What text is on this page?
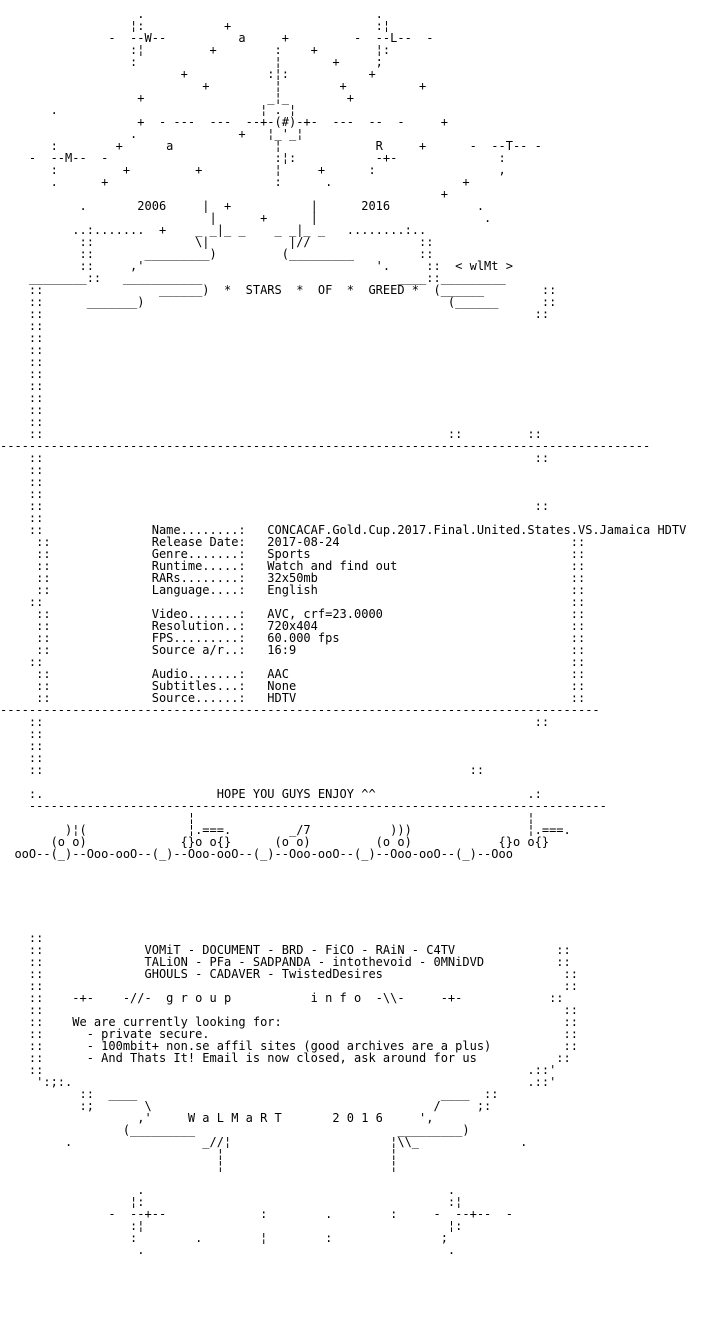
.                                .
¦:           +                    :¦
-  --W--          a     +         -  --L--  -
:¦         +        :    +        ¦:
:                   ¦       +     ;
+           :¦:           +
+         ¦        +          +
+                 _¦_        +
.                            ¦ . ¦
+  - ---  ---  --+-(#)-+-  ---  --  -     +
.              +   ¦_'_¦
:        +      a              ¦             R     +      -  --T-- -
-  --M--  -                       :¦:           -+-              :
:         +         +          ¦     +      :                 ,
.      +                       :      .                  +
+
.       2006     |  +           |      2016            .
|      +      |                       .
..:.......  +    _ _|_ _    _ _|_ _   ........:..
::              \|           |//               ::
::       _________)         (_________         ::
::     ,'                                '.     ::  < wlMt >
________::   ___________                           ____::_________
::                ______)  *  STARS  *  OF  *  GREED *  (______        ::
::      _______)                                          (______      ::
::                                                                    ::
::
::
::
::
::
::
::
::
::
::                                                        ::         ::
------------------------------------------------------------------------------------------
::                                                                    ::
::
::
::
::                                                                    ::
::
::               Name........:   CONCACAF.Gold.Cup.2017.Final.United.States.VS.Jamaica HDTV
::              Release Date:   2017-08-24                                ::
::              Genre.......:   Sports                                    ::
::              Runtime.....:   Watch and find out                        ::
::              RARs........:   32x50mb                                   ::
::              Language....:   English                                   ::
::                                                                         ::
::              Video.......:   AVC, crf=23.0000                          ::
::              Resolution..:   720x404                                   ::
::              FPS.........:   60.000 fps                                ::
::              Source a/r..:   16:9                                      ::
::                                                                         ::
::              Audio.......:   AAC                                       ::
::              Subtitles...:   None                                      ::
::              Source......:   HDTV                                      ::
-----------------------------------------------------------------------------------
::                                                                    ::
::
::
::
::                                                           ::
:.                        HOPE YOU GUYS ENJOY ^^                     .:
--------------------------------------------------------------------------------
¦                                              ¦
)¦(              ¦.===.        _/7           )))                ¦.===.
(o o)             {}o o{}      (o o)         (o o)            {}o o{}
ooO--(_)--Ooo-ooO--(_)--Ooo-ooO--(_)--Ooo-ooO--(_)--Ooo-ooO--(_)--Ooo
::
::              VOMiT - DOCUMENT - BRD - FiCO - RAiN - C4TV              ::
::              TALiON - PFa - SADPANDA - intothevoid - 0MNiDVD          ::
::              GHOULS - CADAVER - TwistedDesires                         ::
::                                                                        ::
::    -+-    -//-  g r o u p           i n f o  -\\-     -+-            ::
::                                                                        ::
::    We are currently looking for:                                       ::
::      - private secure.                                                 ::
::      - 100mbit+ non.se affil sites (good archives are a plus)          ::
::      - And Thats It! Email is now closed, ask around for us           ::
::                                                                   .::'
':;:.                                                               .::'
::  ____                                          ____  ::
:;       \                                       /     ;:
,'     W a L M a R T       2 0 1 6     ',
(_________                            _________)
.                  _//¦                      ¦\\_              .
¦                       ¦
¦                       ¦
.                                          .
¦:                                          :¦
-  --+--             :        .        :     -  --+--  -
:¦                                          ¦:
:        .        ¦        :               ;
.                                          .
